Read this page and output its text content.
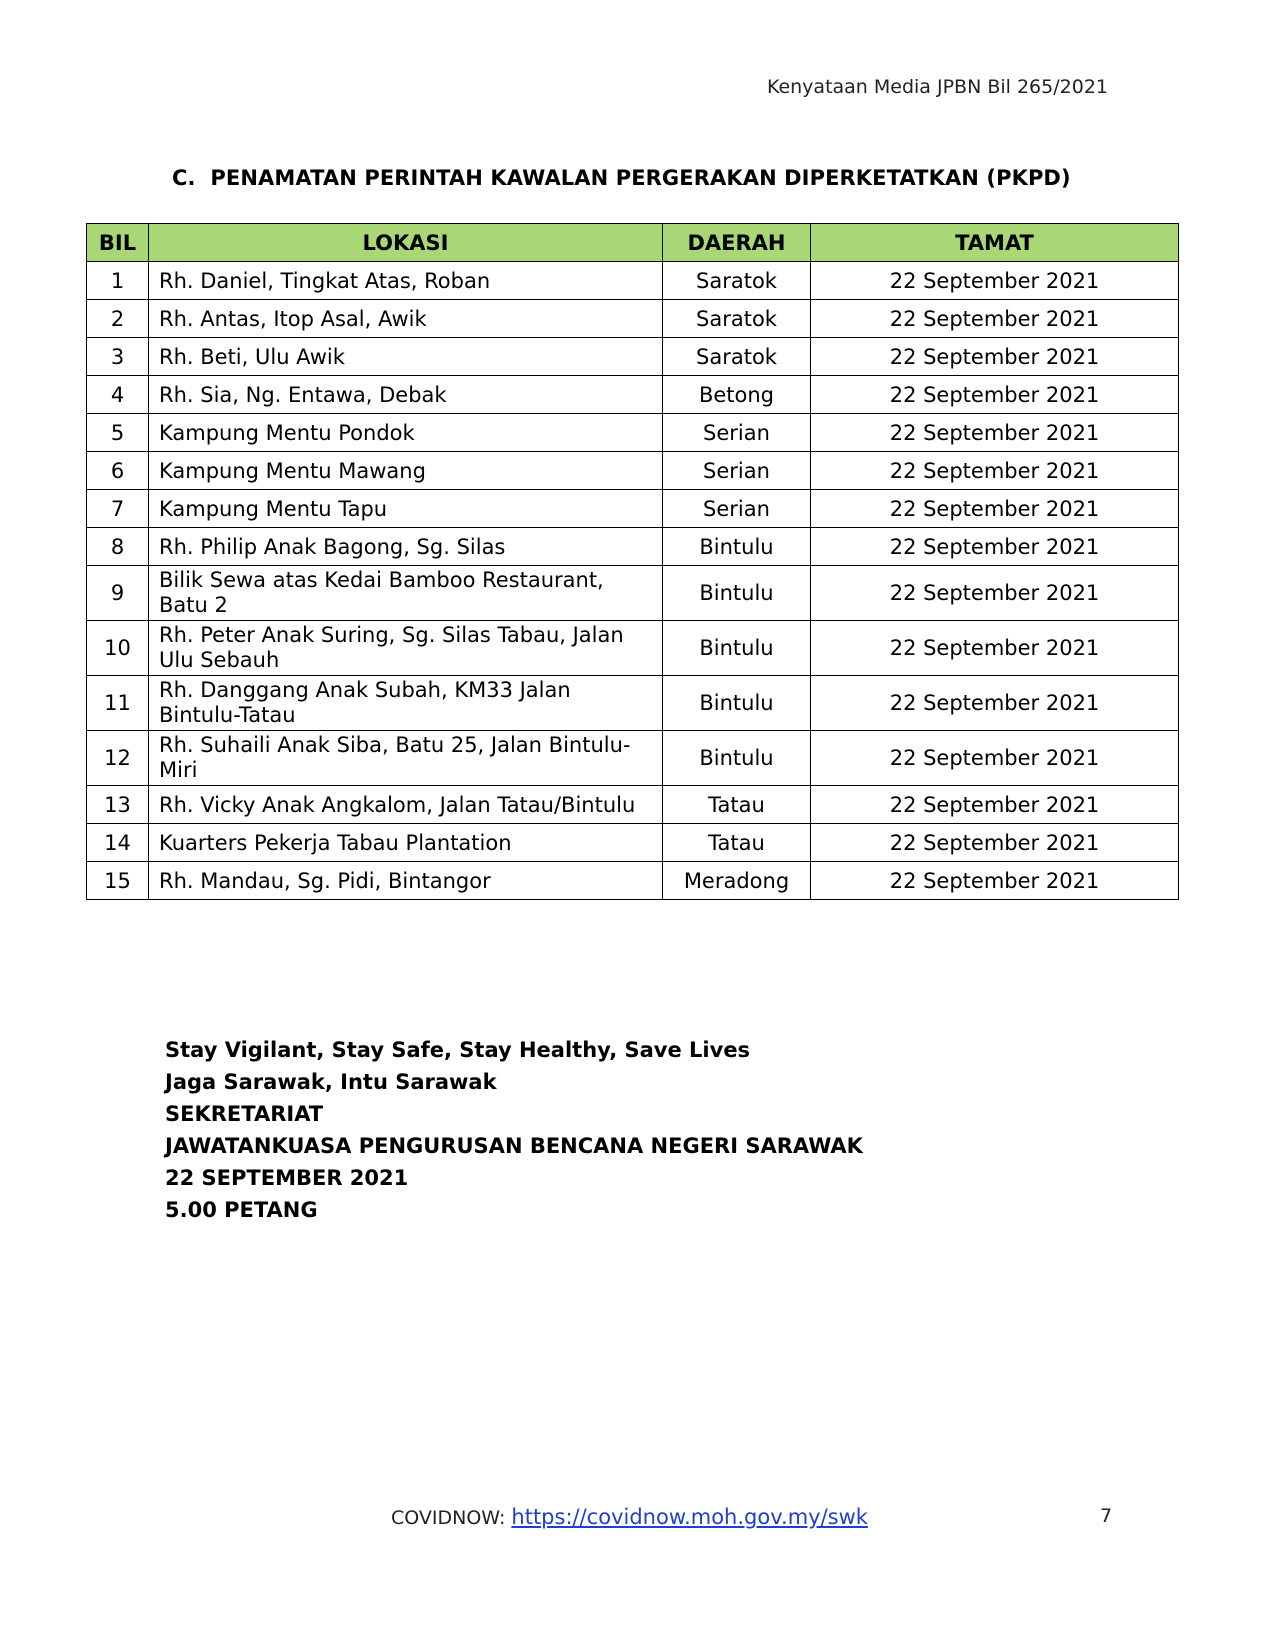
Kenyataan Media JPBN Bil 265/2021
C.  PENAMATAN PERINTAH KAWALAN PERGERAKAN DIPERKETATKAN (PKPD)
BIL	LOKASI	DAERAH	TAMAT
1	Rh. Daniel, Tingkat Atas, Roban	Saratok	22 September 2021
2	Rh. Antas, Itop Asal, Awik	Saratok	22 September 2021
3	Rh. Beti, Ulu Awik	Saratok	22 September 2021
4	Rh. Sia, Ng. Entawa, Debak	Betong	22 September 2021
5	Kampung Mentu Pondok	Serian	22 September 2021
6	Kampung Mentu Mawang	Serian	22 September 2021
7	Kampung Mentu Tapu	Serian	22 September 2021
8	Rh. Philip Anak Bagong, Sg. Silas	Bintulu	22 September 2021
9	Bilik Sewa atas Kedai Bamboo Restaurant, Batu 2	Bintulu	22 September 2021
10	Rh. Peter Anak Suring, Sg. Silas Tabau, Jalan Ulu Sebauh	Bintulu	22 September 2021
11	Rh. Danggang Anak Subah, KM33 Jalan Bintulu-Tatau	Bintulu	22 September 2021
12	Rh. Suhaili Anak Siba, Batu 25, Jalan Bintulu-Miri	Bintulu	22 September 2021
13	Rh. Vicky Anak Angkalom, Jalan Tatau/Bintulu	Tatau	22 September 2021
14	Kuarters Pekerja Tabau Plantation	Tatau	22 September 2021
15	Rh. Mandau, Sg. Pidi, Bintangor	Meradong	22 September 2021
Stay Vigilant, Stay Safe, Stay Healthy, Save Lives
Jaga Sarawak, Intu Sarawak
SEKRETARIAT
JAWATANKUASA PENGURUSAN BENCANA NEGERI SARAWAK
22 SEPTEMBER 2021
5.00 PETANG
COVIDNOW: https://covidnow.moh.gov.my/swk	7
